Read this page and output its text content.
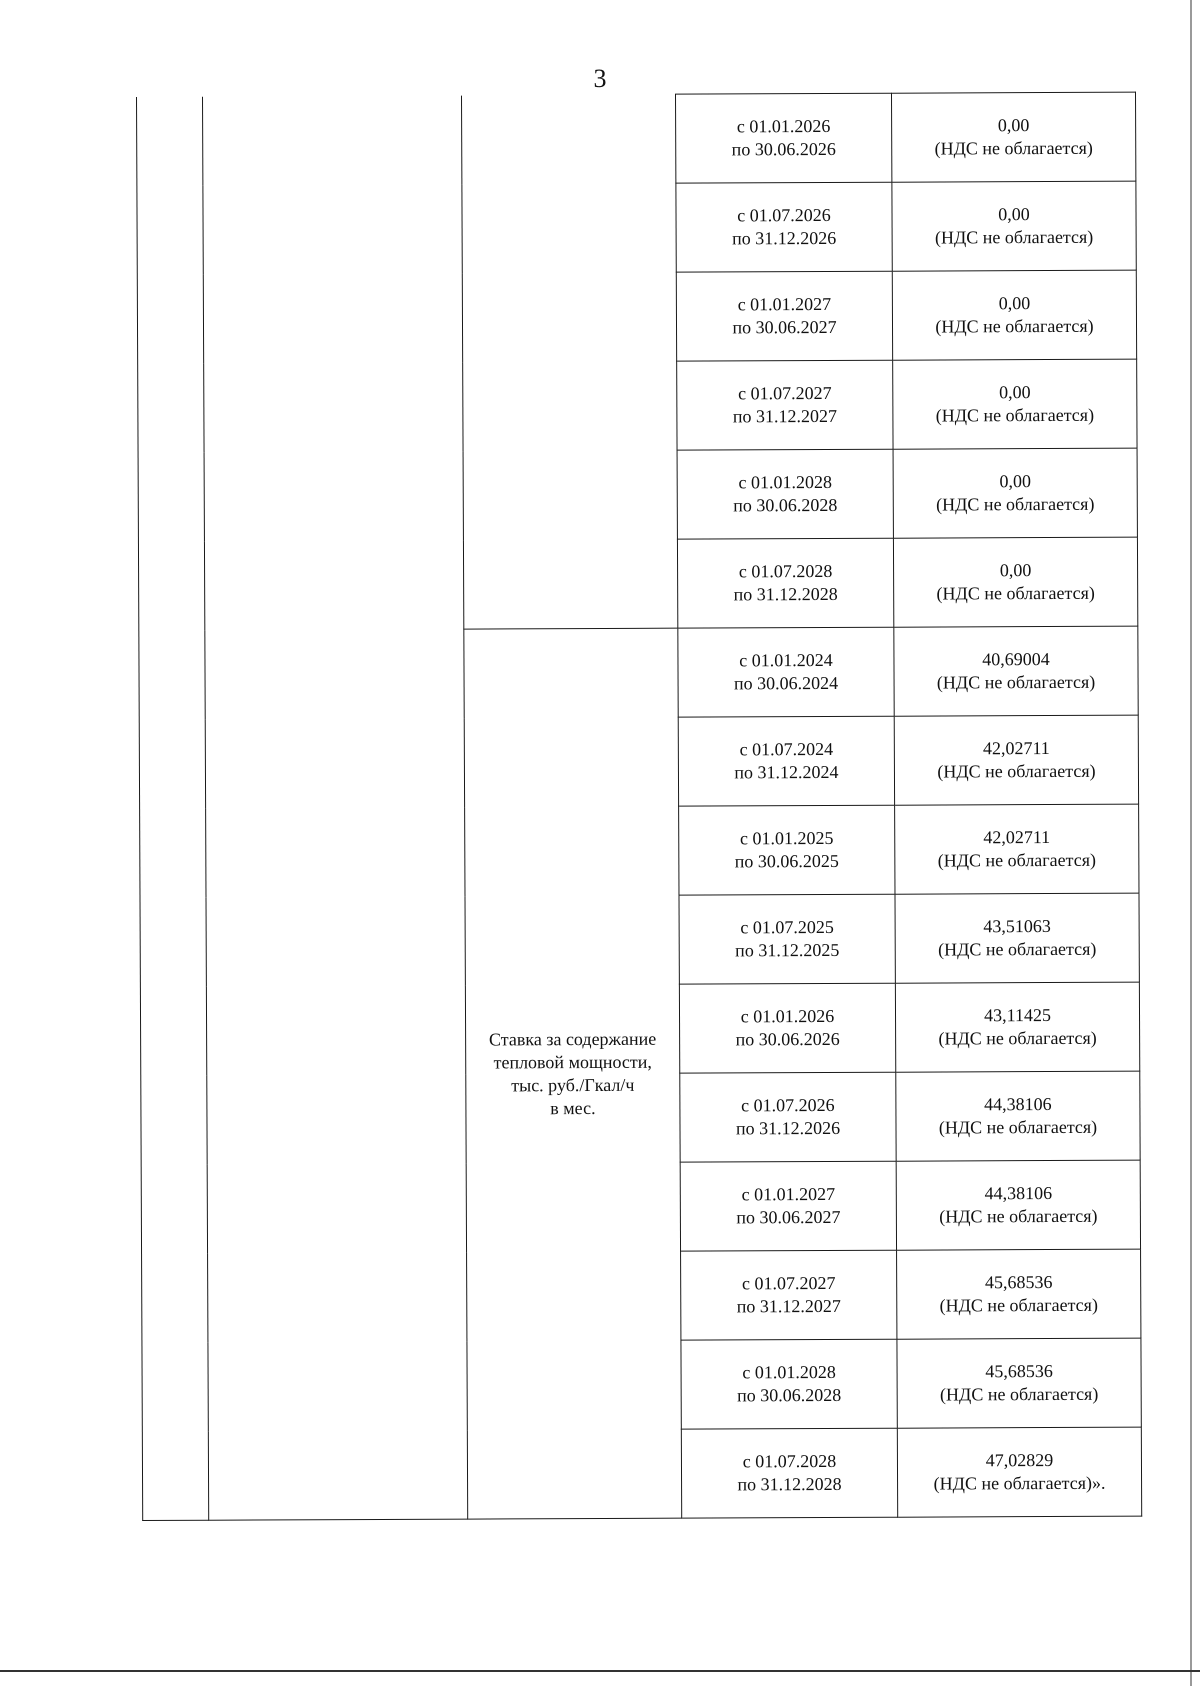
3

			с 01.01.2026
по 30.06.2026	0,00
(НДС не облагается)

			с 01.07.2026
по 31.12.2026	0,00
(НДС не облагается)

			с 01.01.2027
по 30.06.2027	0,00
(НДС не облагается)

			с 01.07.2027
по 31.12.2027	0,00
(НДС не облагается)

			с 01.01.2028
по 30.06.2028	0,00
(НДС не облагается)

			с 01.07.2028
по 31.12.2028	0,00
(НДС не облагается)

		Ставка за содержание
тепловой мощности,
тыс. руб./Гкал/ч
в мес.	с 01.01.2024
по 30.06.2024	40,69004
(НДС не облагается)

			с 01.07.2024
по 31.12.2024	42,02711
(НДС не облагается)

			с 01.01.2025
по 30.06.2025	42,02711
(НДС не облагается)

			с 01.07.2025
по 31.12.2025	43,51063
(НДС не облагается)

			с 01.01.2026
по 30.06.2026	43,11425
(НДС не облагается)

			с 01.07.2026
по 31.12.2026	44,38106
(НДС не облагается)

			с 01.01.2027
по 30.06.2027	44,38106
(НДС не облагается)

			с 01.07.2027
по 31.12.2027	45,68536
(НДС не облагается)

			с 01.01.2028
по 30.06.2028	45,68536
(НДС не облагается)

			с 01.07.2028
по 31.12.2028	47,02829
(НДС не облагается)».
